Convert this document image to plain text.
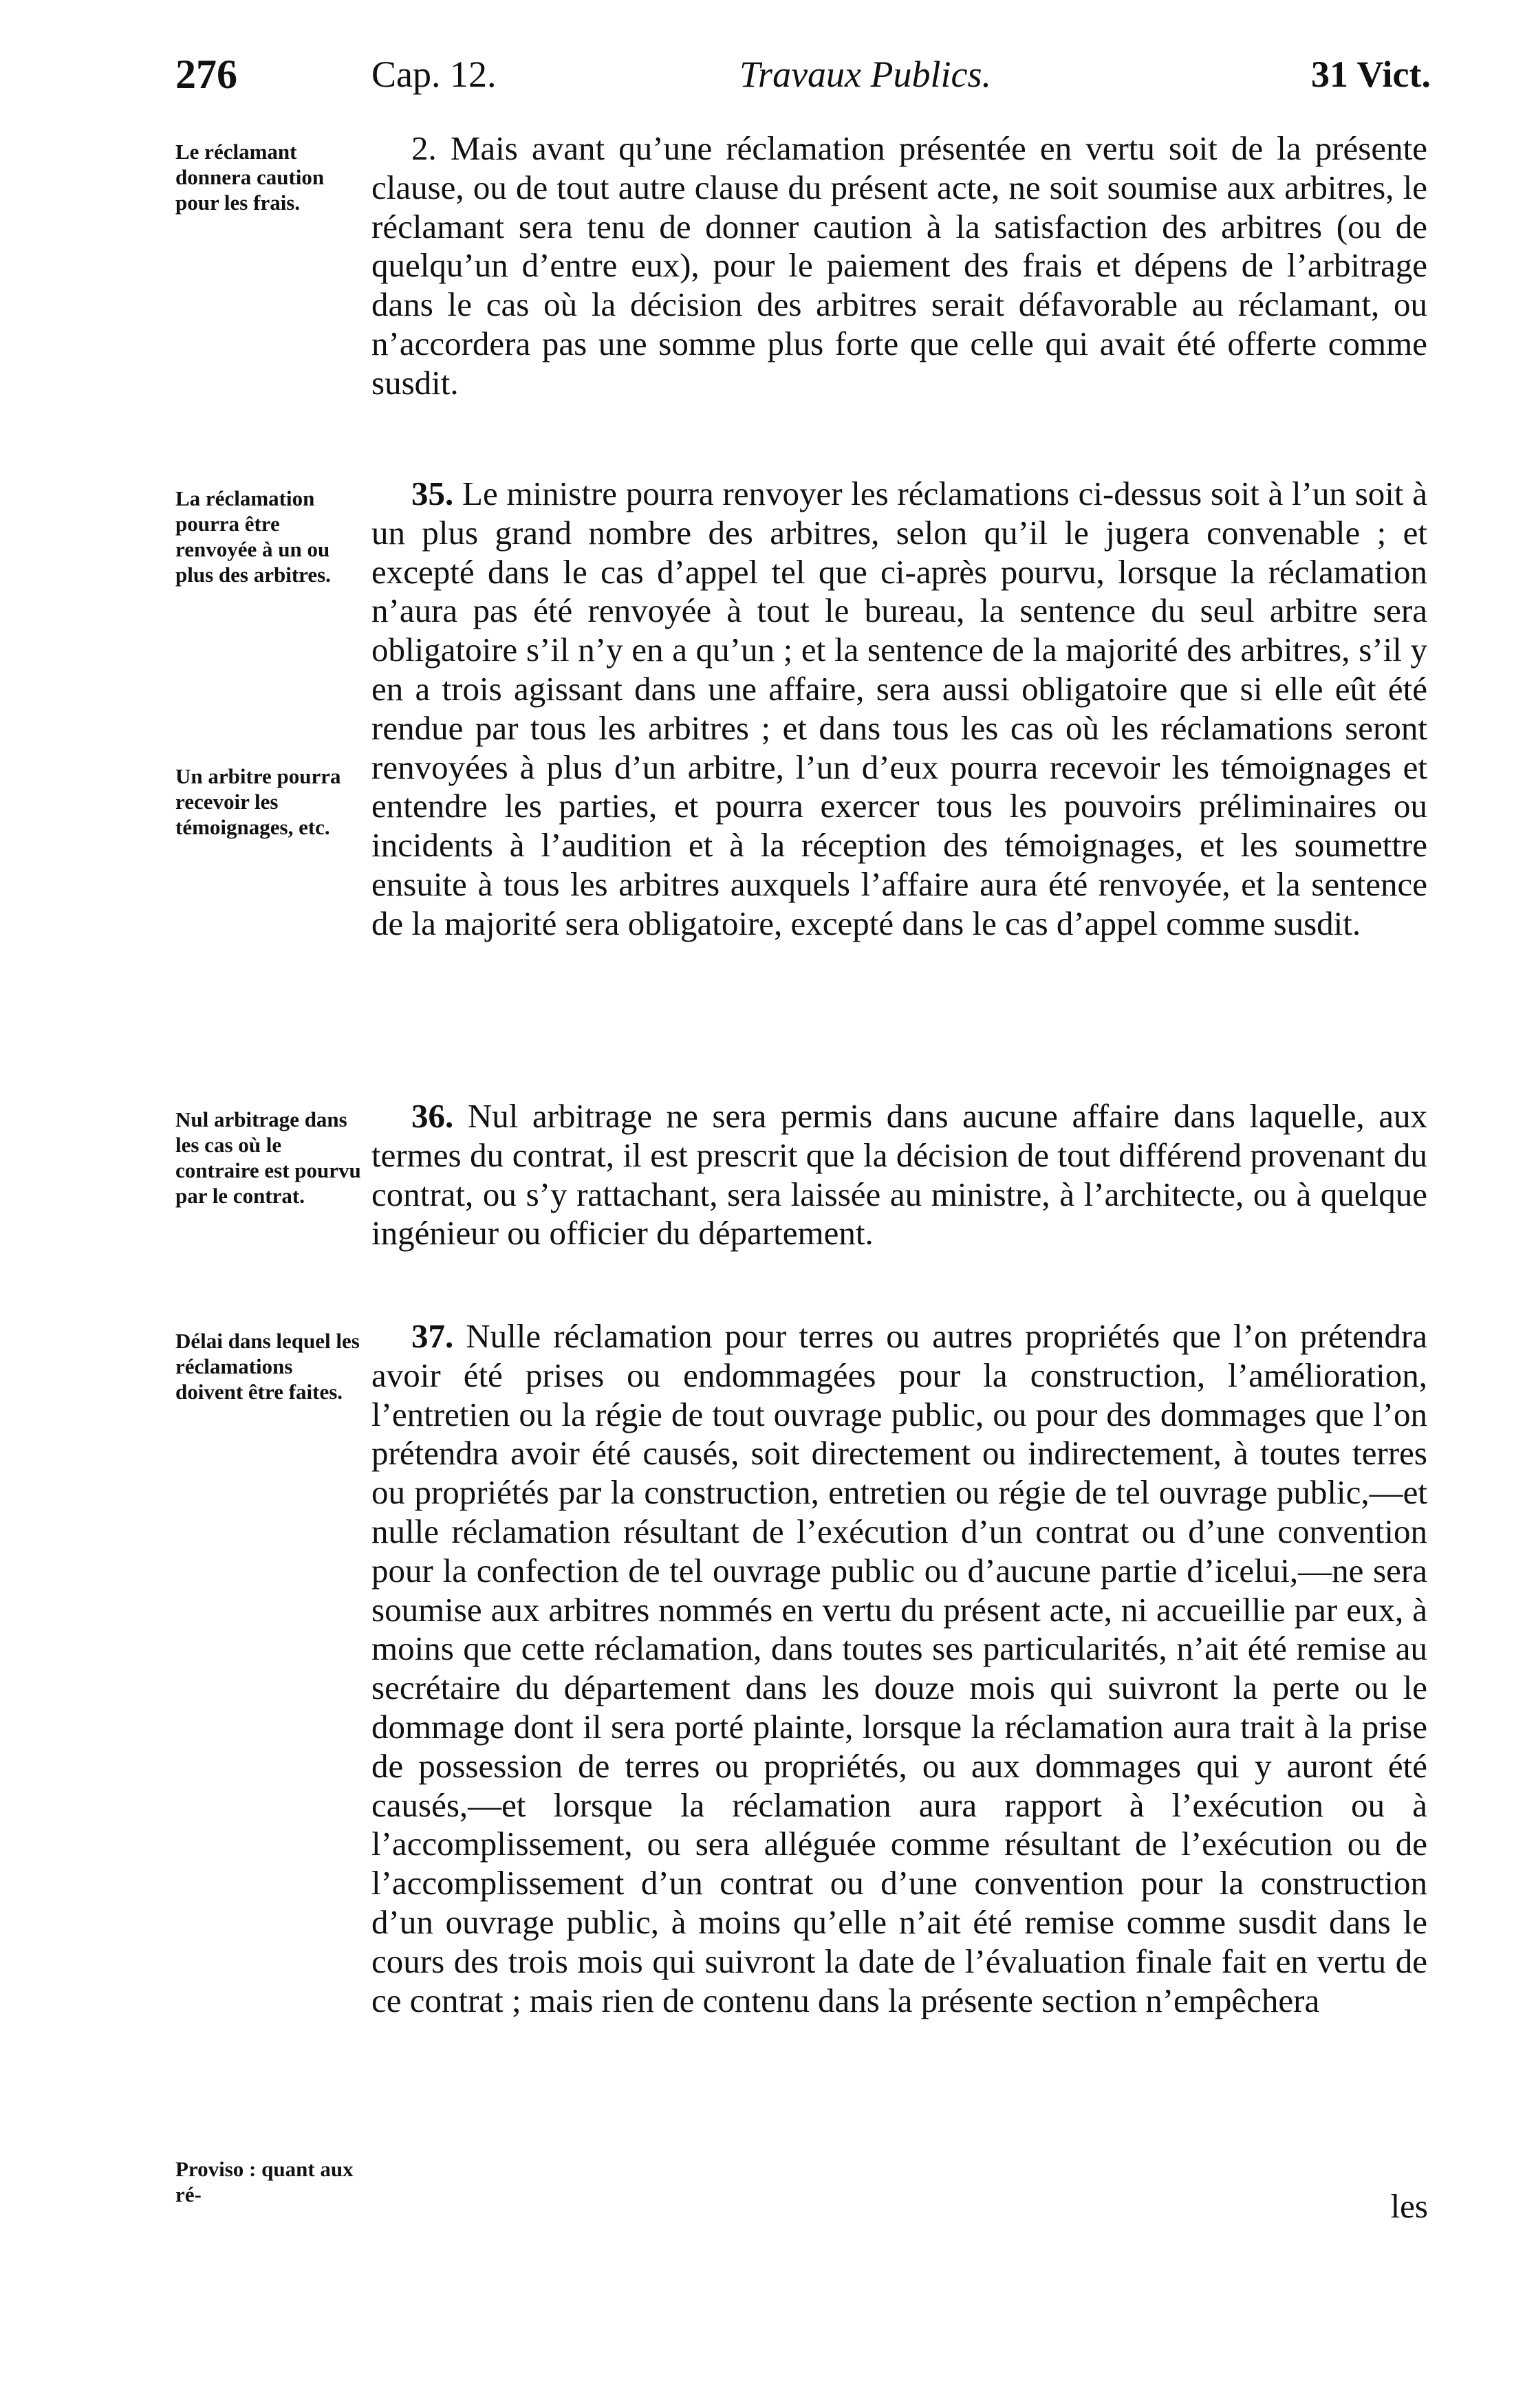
276	Cap. 12.	Travaux Publics.	31 Vict.
Le réclamant donnera caution pour les frais.
2. Mais avant qu’une réclamation présentée en vertu soit de la présente clause, ou de tout autre clause du présent acte, ne soit soumise aux arbitres, le réclamant sera tenu de donner caution à la satisfaction des arbitres (ou de quelqu’un d’entre eux), pour le paiement des frais et dépens de l’arbitrage dans le cas où la décision des arbitres serait défavorable au réclamant, ou n’accordera pas une somme plus forte que celle qui avait été offerte comme susdit.
La réclamation pourra être renvoyée à un ou plus des arbitres.
Un arbitre pourra recevoir les témoignages, etc.
35. Le ministre pourra renvoyer les réclamations ci-dessus soit à l’un soit à un plus grand nombre des arbitres, selon qu’il le jugera convenable ; et excepté dans le cas d’appel tel que ci-après pourvu, lorsque la réclamation n’aura pas été renvoyée à tout le bureau, la sentence du seul arbitre sera obligatoire s’il n’y en a qu’un ; et la sentence de la majorité des arbitres, s’il y en a trois agissant dans une affaire, sera aussi obligatoire que si elle eût été rendue par tous les arbitres ; et dans tous les cas où les réclamations seront renvoyées à plus d’un arbitre, l’un d’eux pourra recevoir les témoignages et entendre les parties, et pourra exercer tous les pouvoirs préliminaires ou incidents à l’audition et à la réception des témoignages, et les soumettre ensuite à tous les arbitres auxquels l’affaire aura été renvoyée, et la sentence de la majorité sera obligatoire, excepté dans le cas d’appel comme susdit.
Nul arbitrage dans les cas où le contraire est pourvu par le contrat.
36. Nul arbitrage ne sera permis dans aucune affaire dans laquelle, aux termes du contrat, il est prescrit que la décision de tout différend provenant du contrat, ou s’y rattachant, sera laissée au ministre, à l’architecte, ou à quelque ingénieur ou officier du département.
Délai dans lequel les réclamations doivent être faites.
Proviso : quant aux ré-
37. Nulle réclamation pour terres ou autres propriétés que l’on prétendra avoir été prises ou endommagées pour la construction, l’amélioration, l’entretien ou la régie de tout ouvrage public, ou pour des dommages que l’on prétendra avoir été causés, soit directement ou indirectement, à toutes terres ou propriétés par la construction, entretien ou régie de tel ouvrage public,—et nulle réclamation résultant de l’exécution d’un contrat ou d’une convention pour la confection de tel ouvrage public ou d’aucune partie d’icelui,—ne sera soumise aux arbitres nommés en vertu du présent acte, ni accueillie par eux, à moins que cette réclamation, dans toutes ses particularités, n’ait été remise au secrétaire du département dans les douze mois qui suivront la perte ou le dommage dont il sera porté plainte, lorsque la réclamation aura trait à la prise de possession de terres ou propriétés, ou aux dommages qui y auront été causés,—et lorsque la réclamation aura rapport à l’exécution ou à l’accomplissement, ou sera alléguée comme résultant de l’exécution ou de l’accomplissement d’un contrat ou d’une convention pour la construction d’un ouvrage public, à moins qu’elle n’ait été remise comme susdit dans le cours des trois mois qui suivront la date de l’évaluation finale fait en vertu de ce contrat ; mais rien de contenu dans la présente section n’empêchera
les
